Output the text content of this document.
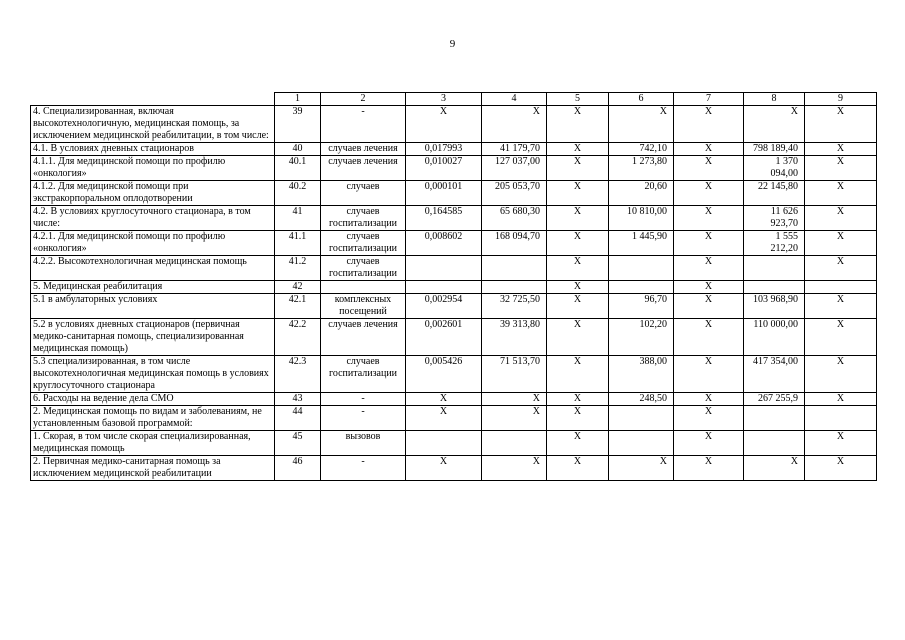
9
	1	2	3	4	5	6	7	8	9
4. Специализированная, включая высокотехнологичную, медицинская помощь, за исключением медицинской реабилитации, в том числе:	39	-	X	X	X	X	X	X	X
4.1. В условиях дневных стационаров	40	случаев лечения	0,017993	41 179,70	X	742,10	X	798 189,40	X
4.1.1. Для медицинской помощи по профилю «онкология»	40.1	случаев лечения	0,010027	127 037,00	X	1 273,80	X	1 370 094,00	X
4.1.2. Для медицинской помощи при экстракорпоральном оплодотворении	40.2	случаев	0,000101	205 053,70	X	20,60	X	22 145,80	X
4.2. В условиях круглосуточного стационара, в том числе:	41	случаев госпитализации	0,164585	65 680,30	X	10 810,00	X	11 626 923,70	X
4.2.1. Для медицинской помощи по профилю «онкология»	41.1	случаев госпитализации	0,008602	168 094,70	X	1 445,90	X	1 555 212,20	X
4.2.2. Высокотехнологичная медицинская помощь	41.2	случаев госпитализации			X		X		X
5. Медицинская реабилитация	42				X		X		
5.1 в амбулаторных условиях	42.1	комплексных посещений	0,002954	32 725,50	X	96,70	X	103 968,90	X
5.2 в условиях дневных стационаров (первичная медико-санитарная помощь, специализированная медицинская помощь)	42.2	случаев лечения	0,002601	39 313,80	X	102,20	X	110 000,00	X
5.3 специализированная, в том числе высокотехнологичная медицинская помощь в условиях круглосуточного стационара	42.3	случаев госпитализации	0,005426	71 513,70	X	388,00	X	417 354,00	X
6. Расходы на ведение дела СМО	43	-	X	X	X	248,50	X	267 255,9	X
2. Медицинская помощь по видам и заболеваниям, не установленным базовой программой:	44	-	X	X	X		X		
1. Скорая, в том числе скорая специализированная, медицинская помощь	45	вызовов			X		X		X
2. Первичная медико-санитарная помощь за исключением медицинской реабилитации	46	-	X	X	X	X	X	X	X
